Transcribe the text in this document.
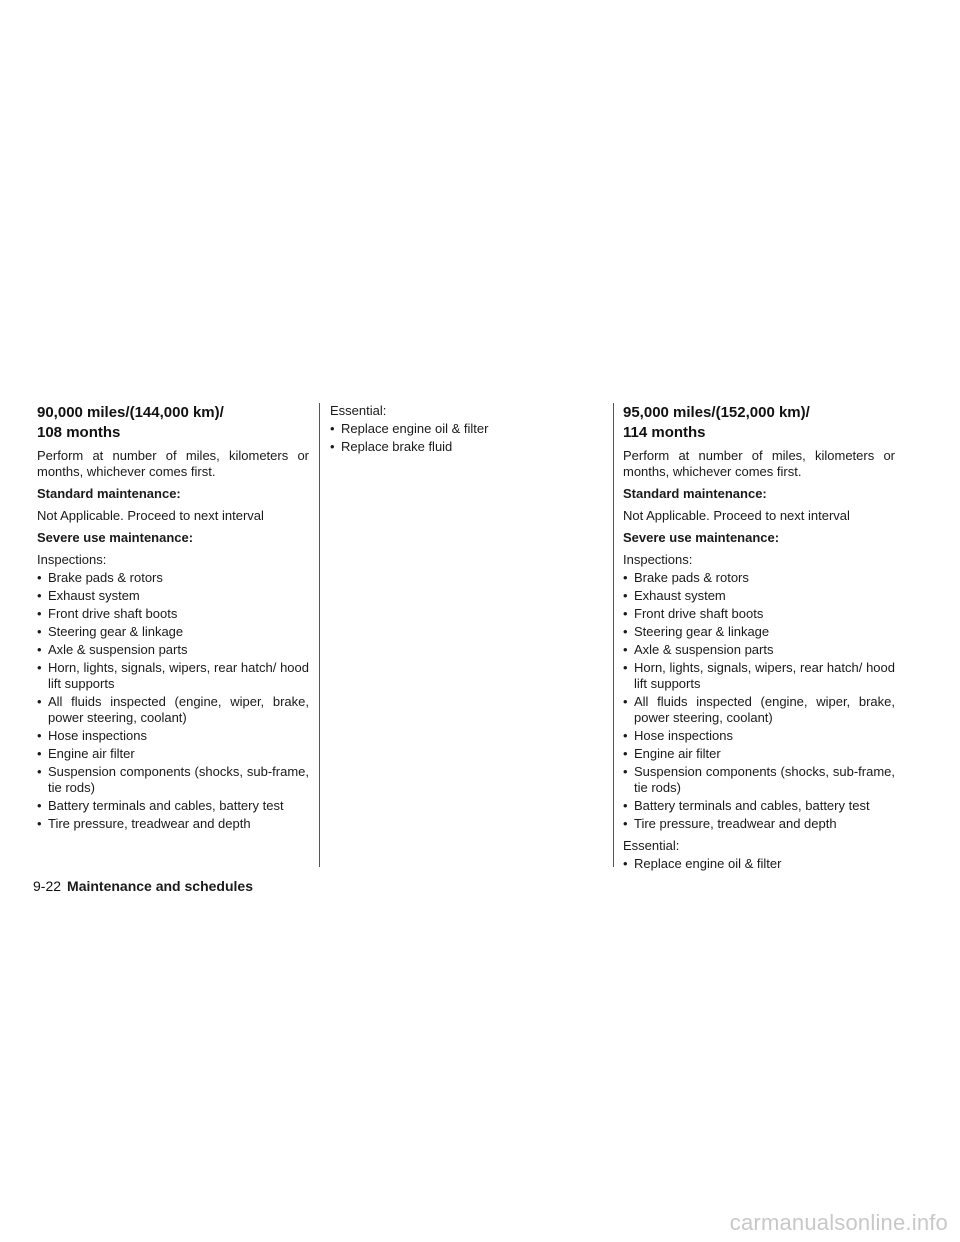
90,000 miles/(144,000 km)/
108 months
Perform at number of miles, kilometers or months, whichever comes first.
Standard maintenance:
Not Applicable. Proceed to next interval
Severe use maintenance:
Inspections:
• Brake pads & rotors
• Exhaust system
• Front drive shaft boots
• Steering gear & linkage
• Axle & suspension parts
• Horn, lights, signals, wipers, rear hatch/ hood lift supports
• All fluids inspected (engine, wiper, brake, power steering, coolant)
• Hose inspections
• Engine air filter
• Suspension components (shocks, sub-frame, tie rods)
• Battery terminals and cables, battery test
• Tire pressure, treadwear and depth
Essential:
• Replace engine oil & filter
• Replace brake fluid
95,000 miles/(152,000 km)/
114 months
Perform at number of miles, kilometers or months, whichever comes first.
Standard maintenance:
Not Applicable. Proceed to next interval
Severe use maintenance:
Inspections:
• Brake pads & rotors
• Exhaust system
• Front drive shaft boots
• Steering gear & linkage
• Axle & suspension parts
• Horn, lights, signals, wipers, rear hatch/ hood lift supports
• All fluids inspected (engine, wiper, brake, power steering, coolant)
• Hose inspections
• Engine air filter
• Suspension components (shocks, sub-frame, tie rods)
• Battery terminals and cables, battery test
• Tire pressure, treadwear and depth
Essential:
• Replace engine oil & filter
9-22 Maintenance and schedules
carmanualsonline.info
